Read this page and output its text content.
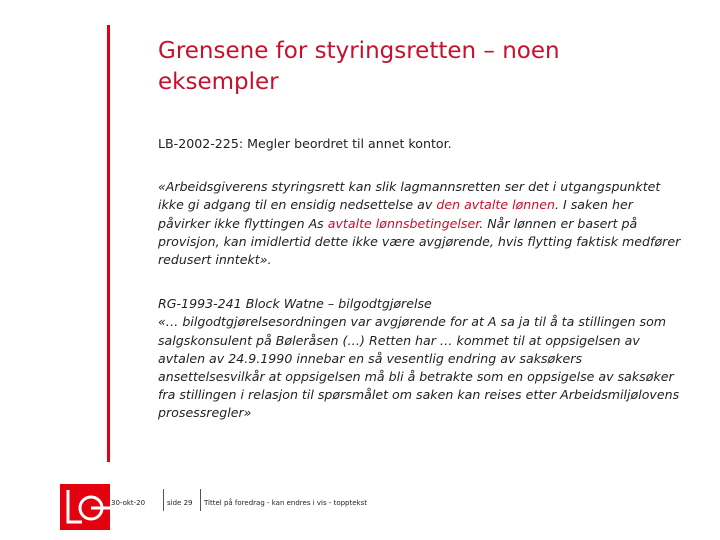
Grensene for styringsretten – noen eksempler

LB-2002-225: Megler beordret til annet kontor.

«Arbeidsgiverens styringsrett kan slik lagmannsretten ser det i utgangspunktet ikke gi adgang til en ensidig nedsettelse av den avtalte lønnen. I saken her påvirker ikke flyttingen As avtalte lønnsbetingelser. Når lønnen er basert på provisjon, kan imidlertid dette ikke være avgjørende, hvis flytting faktisk medfører redusert inntekt».

RG-1993-241 Block Watne – bilgodtgjørelse

«… bilgodtgjørelsesordningen var avgjørende for at A sa ja til å ta stillingen som salgskonsulent på Bøleråsen (…) Retten har … kommet til at oppsigelsen av avtalen av 24.9.1990 innebar en så vesentlig endring av saksøkers ansettelsesvilkår at oppsigelsen må bli å betrakte som en oppsigelse av saksøker fra stillingen i relasjon til spørsmålet om saken kan reises etter Arbeidsmiljølovens prosessregler»

30-okt-20	side 29 Tittel på foredrag - kan endres i vis - topptekst
